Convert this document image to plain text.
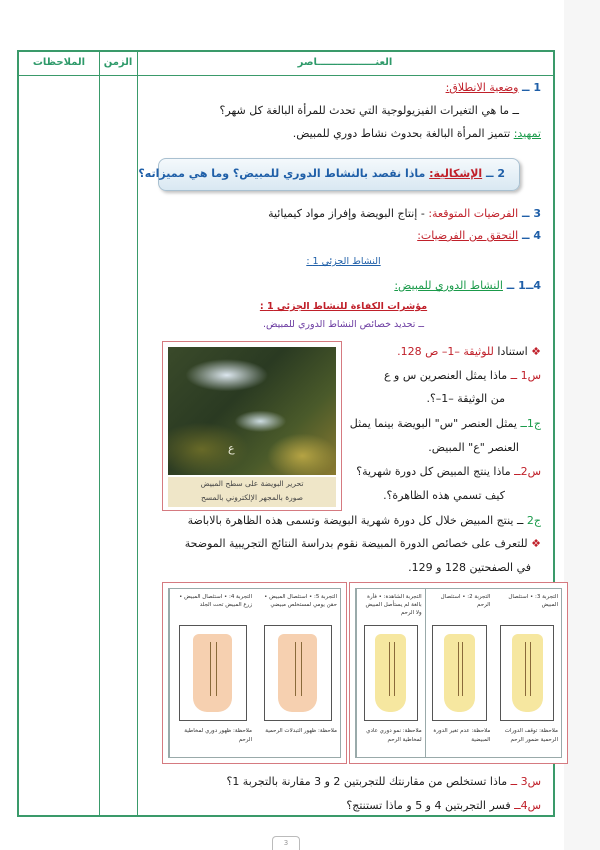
الملاحظات	الزمن	العنـــــــــــــــــاصر
1 ــ وضعية الانطلاق:
ــ ما هي التغيرات الفيزيولوجية التي تحدث للمرأة البالغة كل شهر؟
تمهيد: تتميز المرأة البالغة بحدوث نشاط دوري للمبيض.
2 ــ الإشكالية: ماذا نقصد بالنشاط الدوري للمبيض؟ وما هي مميزاته؟
3 ــ الفرضيات المتوقعة: - إنتاج البويضة وإفراز مواد كيميائية
4 ــ التحقق من الفرضيات:
النشاط الجزئي 1 :
4ــ1 ــ النشاط الدوري للمبيض:
مؤشرات الكفاءة للنشاط الجزئي 1 :
ــ تحديد خصائص النشاط الدوري للمبيض.
ع
تحرير البويضة على سطح المبيض
صورة بالمجهر الإلكتروني بالمسح
❖ استنادا للوثيقة –1– ص 128.
س1 ــ ماذا يمثل العنصرين س و ع
من الوثيقة –1–؟.
ج1ــ يمثل العنصر "س" البويضة بينما يمثل
العنصر "ع" المبيض.
س2ــ ماذا ينتج المبيض كل دورة شهرية؟
كيف تسمي هذه الظاهرة؟.
ج2 ــ ينتج المبيض خلال كل دورة شهرية البويضة وتسمى هذه الظاهرة بالاباضة
❖ للتعرف على خصائص الدورة المبيضة نقوم بدراسة النتائج التجريبية الموضحة
في الصفحتين 128 و 129.
التجربة 4: • استئصال المبيض • زرع المبيض تحت الجلد
ملاحظة: ظهور دوري لمخاطية الرحم
التجربة 5: • استئصال المبيض • حقن يومي لمستخلص مبيضي
ملاحظة: ظهور التبدلات الرحمية
التجربة الشاهدة: • فأرة بالغة لم يستأصل المبيض ولا الرحم
ملاحظة: نمو دوري عادي لمخاطية الرحم
التجربة 2: • استئصال الرحم
ملاحظة: عدم تغير الدورة المبيضية
التجربة 3: • استئصال المبيض
ملاحظة: توقف الدورات الرحمية ضمور الرحم
س3 ــ ماذا تستخلص من مقارنتك للتجربتين 2 و 3 مقارنة بالتجربة 1؟
س4ــ فسر التجربتين 4 و 5 و ماذا تستنتج؟
3
